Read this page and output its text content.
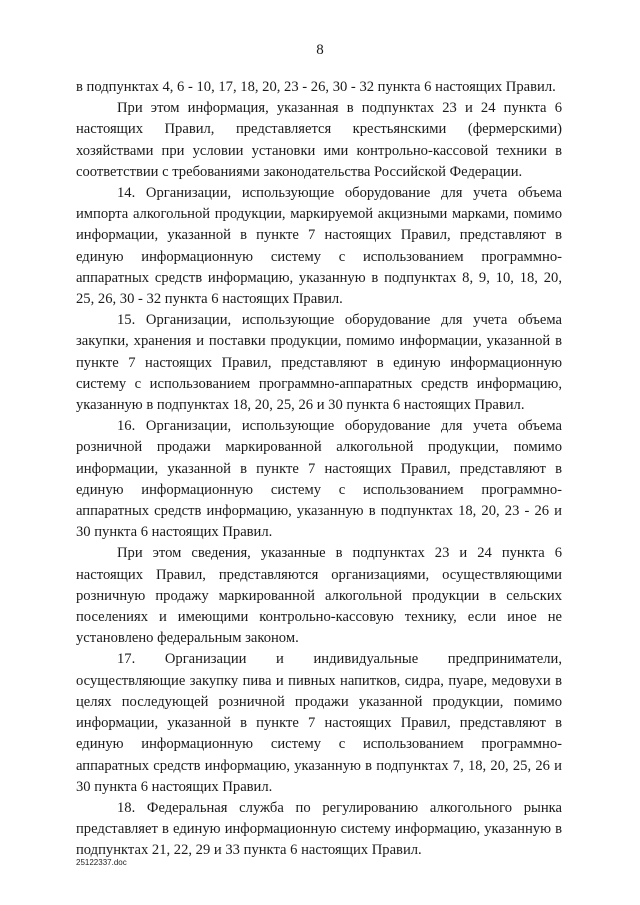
8

в подпунктах 4, 6 - 10, 17, 18, 20, 23 - 26, 30 - 32 пункта 6 настоящих Правил.

При этом информация, указанная в подпунктах 23 и 24 пункта 6 настоящих Правил, представляется крестьянскими (фермерскими) хозяйствами при условии установки ими контрольно-кассовой техники в соответствии с требованиями законодательства Российской Федерации.

14. Организации, использующие оборудование для учета объема импорта алкогольной продукции, маркируемой акцизными марками, помимо информации, указанной в пункте 7 настоящих Правил, представляют в единую информационную систему с использованием программно-аппаратных средств информацию, указанную в подпунктах 8, 9, 10, 18, 20, 25, 26, 30 - 32 пункта 6 настоящих Правил.

15. Организации, использующие оборудование для учета объема закупки, хранения и поставки продукции, помимо информации, указанной в пункте 7 настоящих Правил, представляют в единую информационную систему с использованием программно-аппаратных средств информацию, указанную в подпунктах 18, 20, 25, 26 и 30 пункта 6 настоящих Правил.

16. Организации, использующие оборудование для учета объема розничной продажи маркированной алкогольной продукции, помимо информации, указанной в пункте 7 настоящих Правил, представляют в единую информационную систему с использованием программно-аппаратных средств информацию, указанную в подпунктах 18, 20, 23 - 26 и 30 пункта 6 настоящих Правил.

При этом сведения, указанные в подпунктах 23 и 24 пункта 6 настоящих Правил, представляются организациями, осуществляющими розничную продажу маркированной алкогольной продукции в сельских поселениях и имеющими контрольно-кассовую технику, если иное не установлено федеральным законом.

17. Организации и индивидуальные предприниматели, осуществляющие закупку пива и пивных напитков, сидра, пуаре, медовухи в целях последующей розничной продажи указанной продукции, помимо информации, указанной в пункте 7 настоящих Правил, представляют в единую информационную систему с использованием программно-аппаратных средств информацию, указанную в подпунктах 7, 18, 20, 25, 26 и 30 пункта 6 настоящих Правил.

18. Федеральная служба по регулированию алкогольного рынка представляет в единую информационную систему информацию, указанную в подпунктах 21, 22, 29 и 33 пункта 6 настоящих Правил.

25122337.doc
